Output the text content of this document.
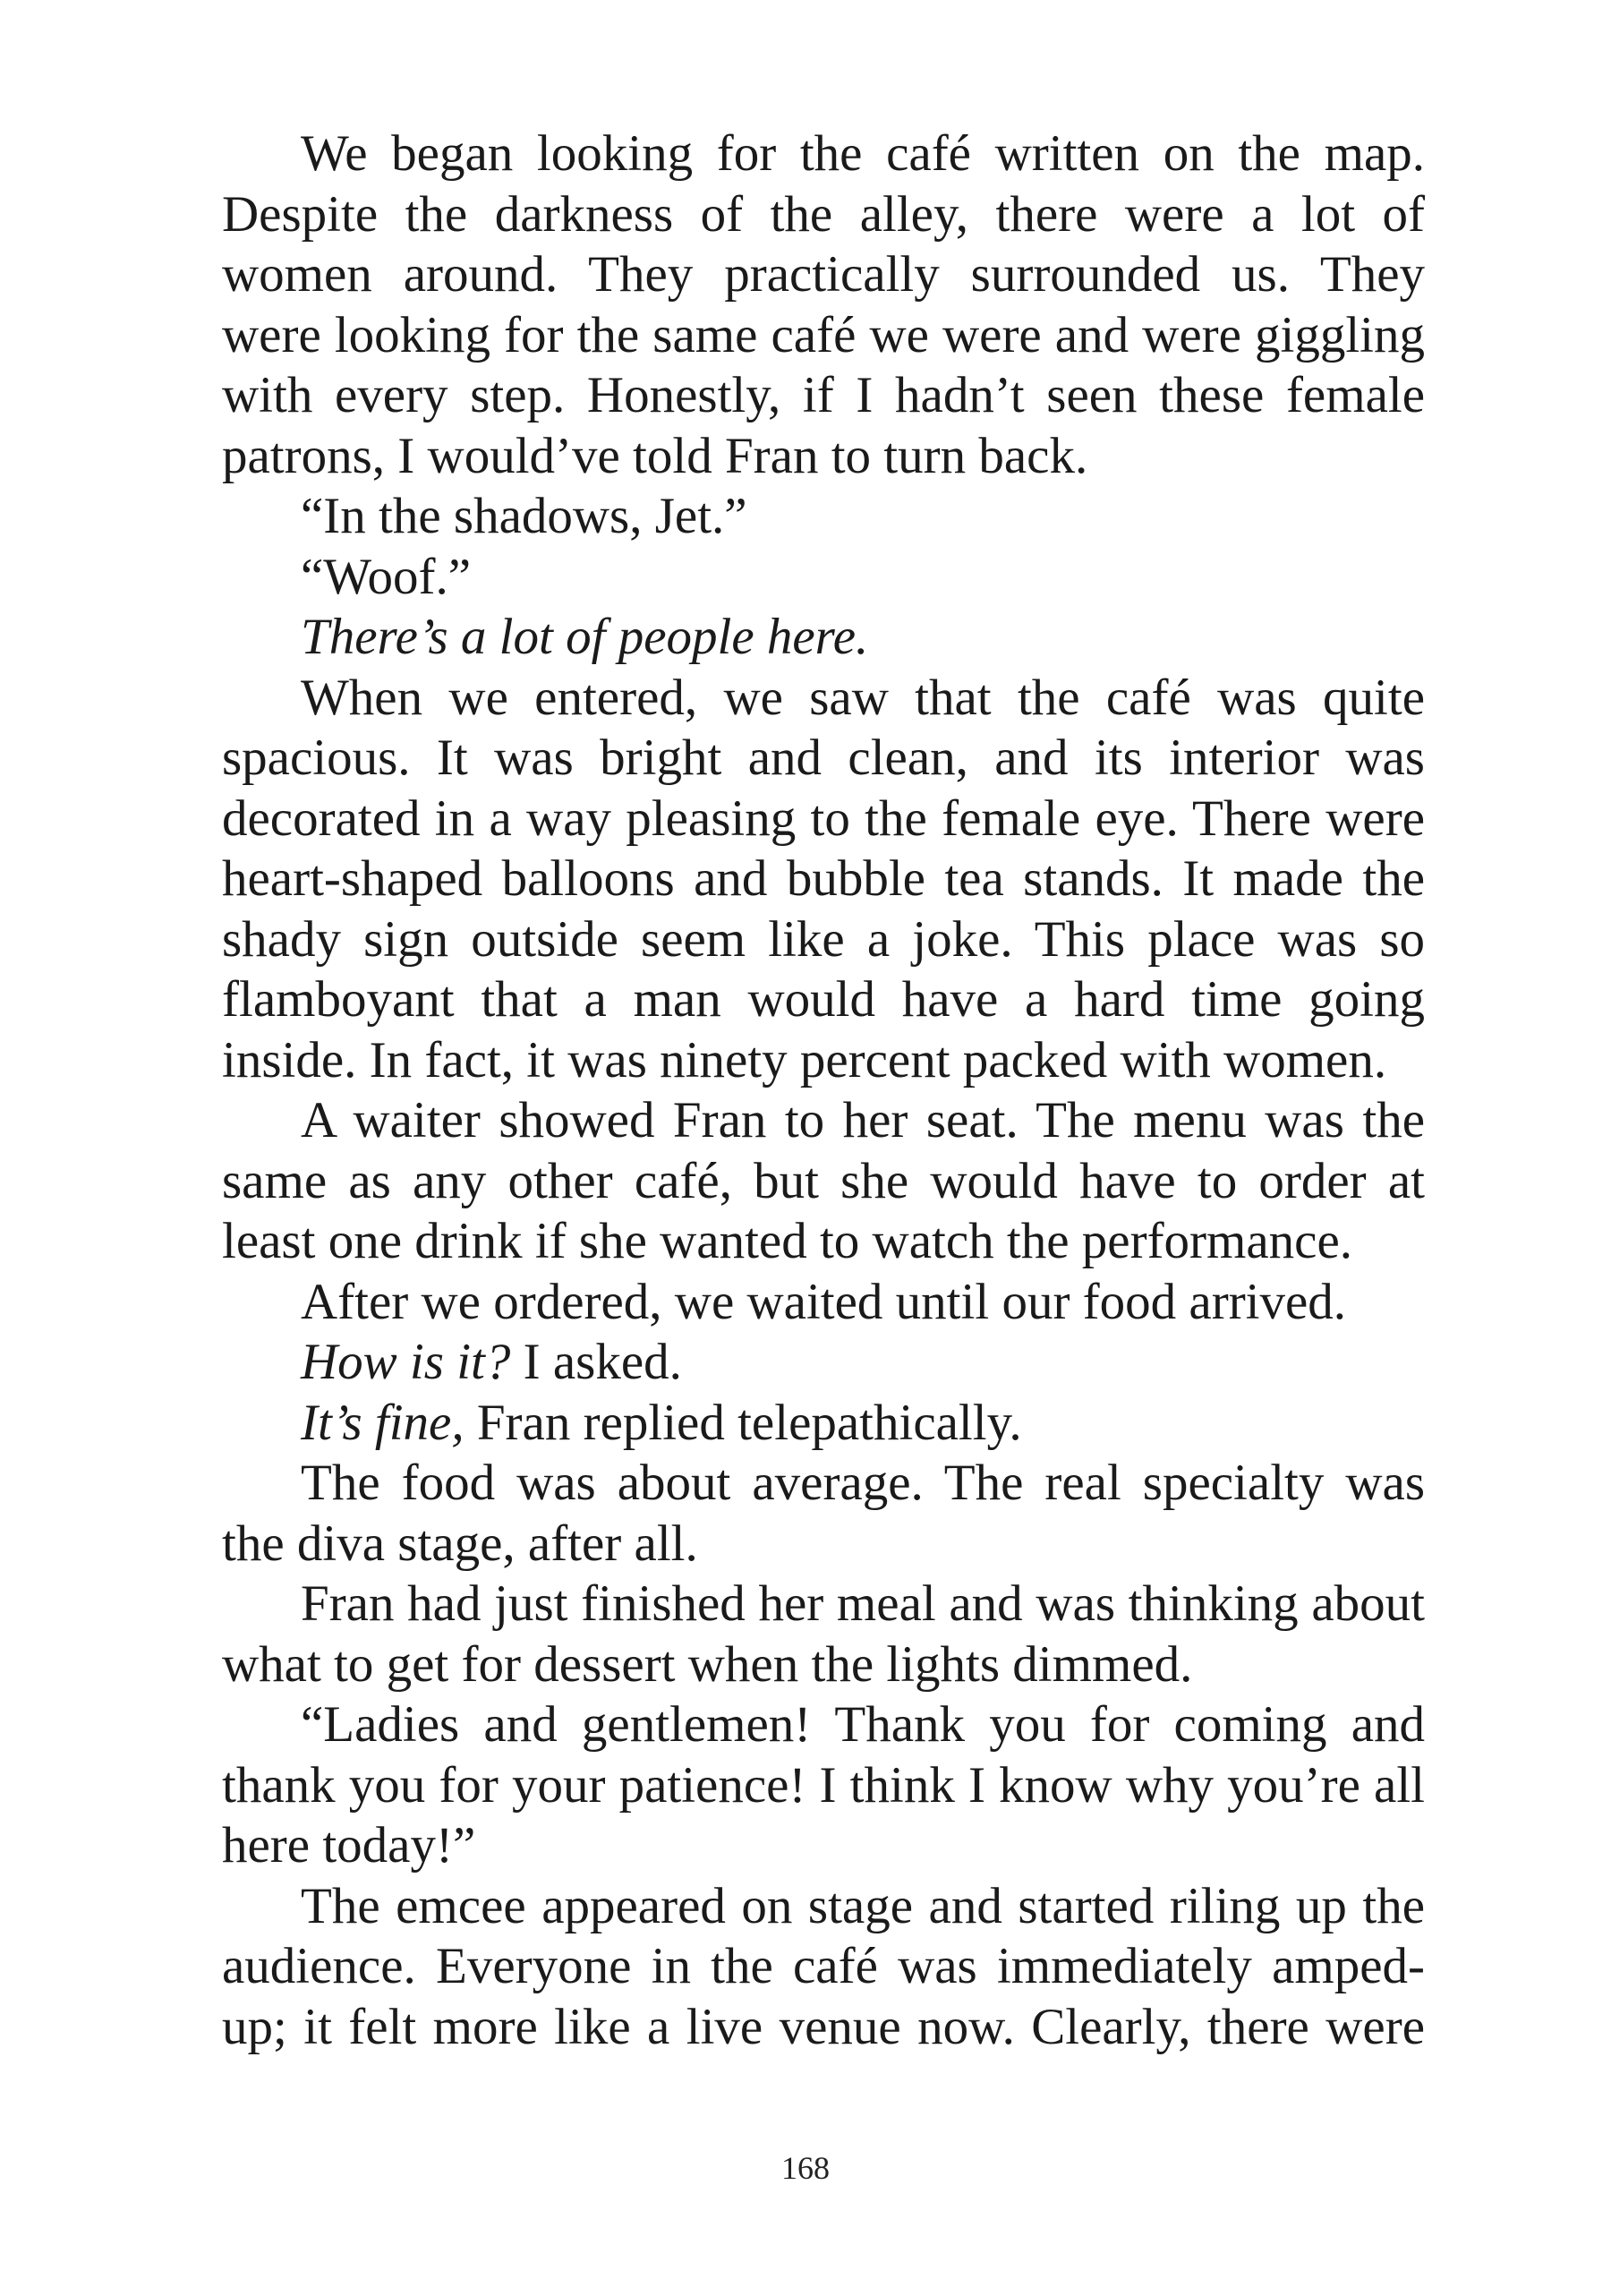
We began looking for the café written on the map. Despite the darkness of the alley, there were a lot of women around. They practically surrounded us. They were looking for the same café we were and were giggling with every step. Honestly, if I hadn’t seen these female patrons, I would’ve told Fran to turn back.

“In the shadows, Jet.”

“Woof.”

There’s a lot of people here.

When we entered, we saw that the café was quite spacious. It was bright and clean, and its interior was decorated in a way pleasing to the female eye. There were heart-shaped balloons and bubble tea stands. It made the shady sign outside seem like a joke. This place was so flamboyant that a man would have a hard time going inside. In fact, it was ninety percent packed with women.

A waiter showed Fran to her seat. The menu was the same as any other café, but she would have to order at least one drink if she wanted to watch the performance.

After we ordered, we waited until our food arrived.

How is it? I asked.

It’s fine, Fran replied telepathically.

The food was about average. The real specialty was the diva stage, after all.

Fran had just finished her meal and was thinking about what to get for dessert when the lights dimmed.

“Ladies and gentlemen! Thank you for coming and thank you for your patience! I think I know why you’re all here today!”

The emcee appeared on stage and started riling up the audience. Everyone in the café was immediately amped-up; it felt more like a live venue now. Clearly, there were

168
